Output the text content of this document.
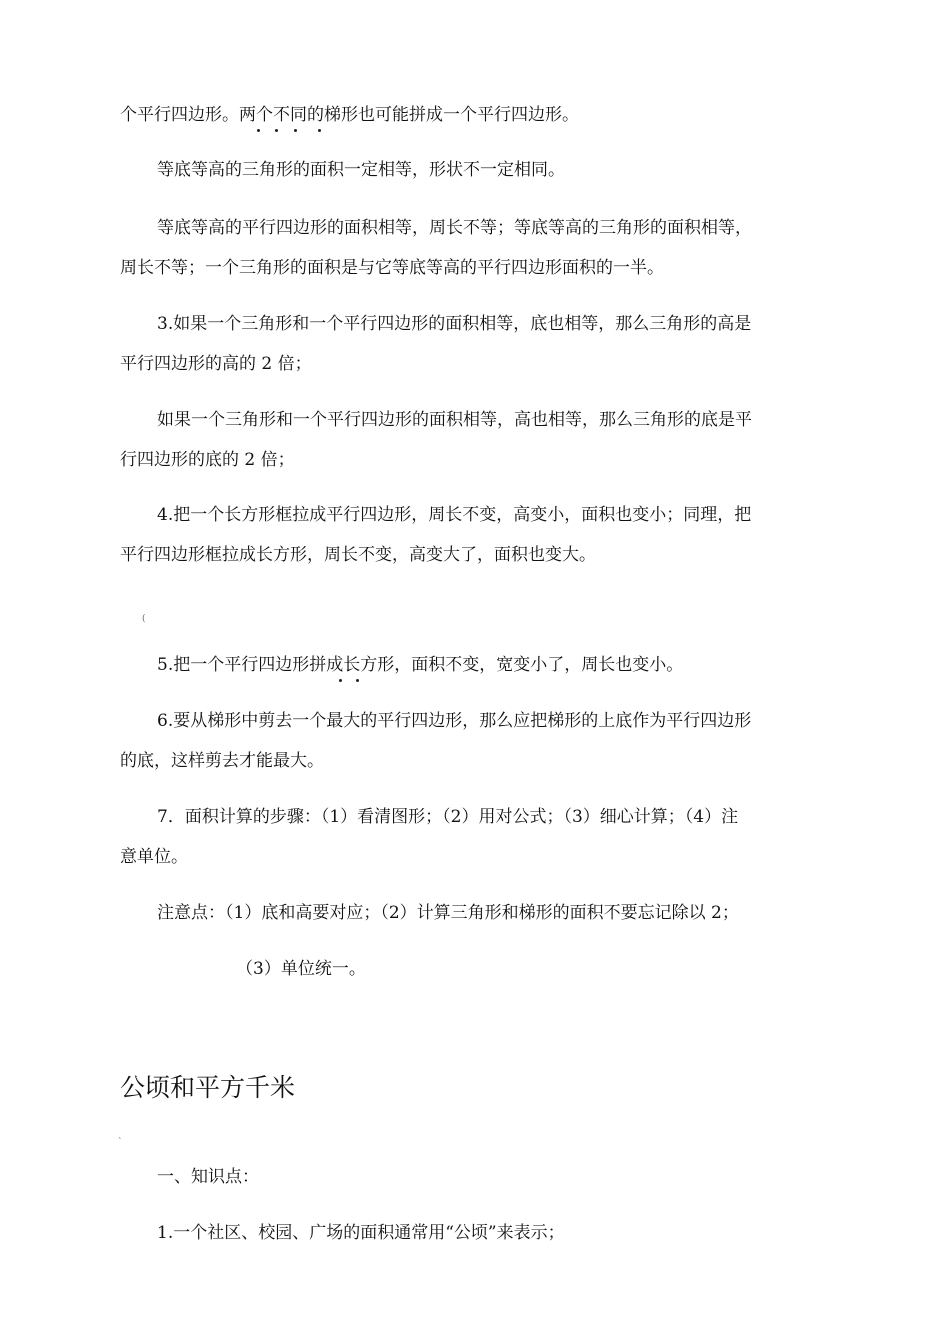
个平行四边形。两个不同的梯形也可能拼成一个平行四边形。
等底等高的三角形的面积一定相等，形状不一定相同。
等底等高的平行四边形的面积相等，周长不等；等底等高的三角形的面积相等，
周长不等；一个三角形的面积是与它等底等高的平行四边形面积的一半。
3.如果一个三角形和一个平行四边形的面积相等，底也相等，那么三角形的高是
平行四边形的高的 2 倍；
如果一个三角形和一个平行四边形的面积相等，高也相等，那么三角形的底是平
行四边形的底的 2 倍；
4.把一个长方形框拉成平行四边形，周长不变，高变小，面积也变小；同理，把
平行四边形框拉成长方形，周长不变，高变大了，面积也变大。
(
5.把一个平行四边形拼成长方形，面积不变，宽变小了，周长也变小。
6.要从梯形中剪去一个最大的平行四边形，那么应把梯形的上底作为平行四边形
的底，这样剪去才能最大。
7．面积计算的步骤：（1）看清图形；（2）用对公式；（3）细心计算；（4）注
意单位。
注意点：（1）底和高要对应；（2）计算三角形和梯形的面积不要忘记除以 2；
（3）单位统一。
公顷和平方千米
`
一、知识点：
1.一个社区、校园、广场的面积通常用“公顷”来表示；
